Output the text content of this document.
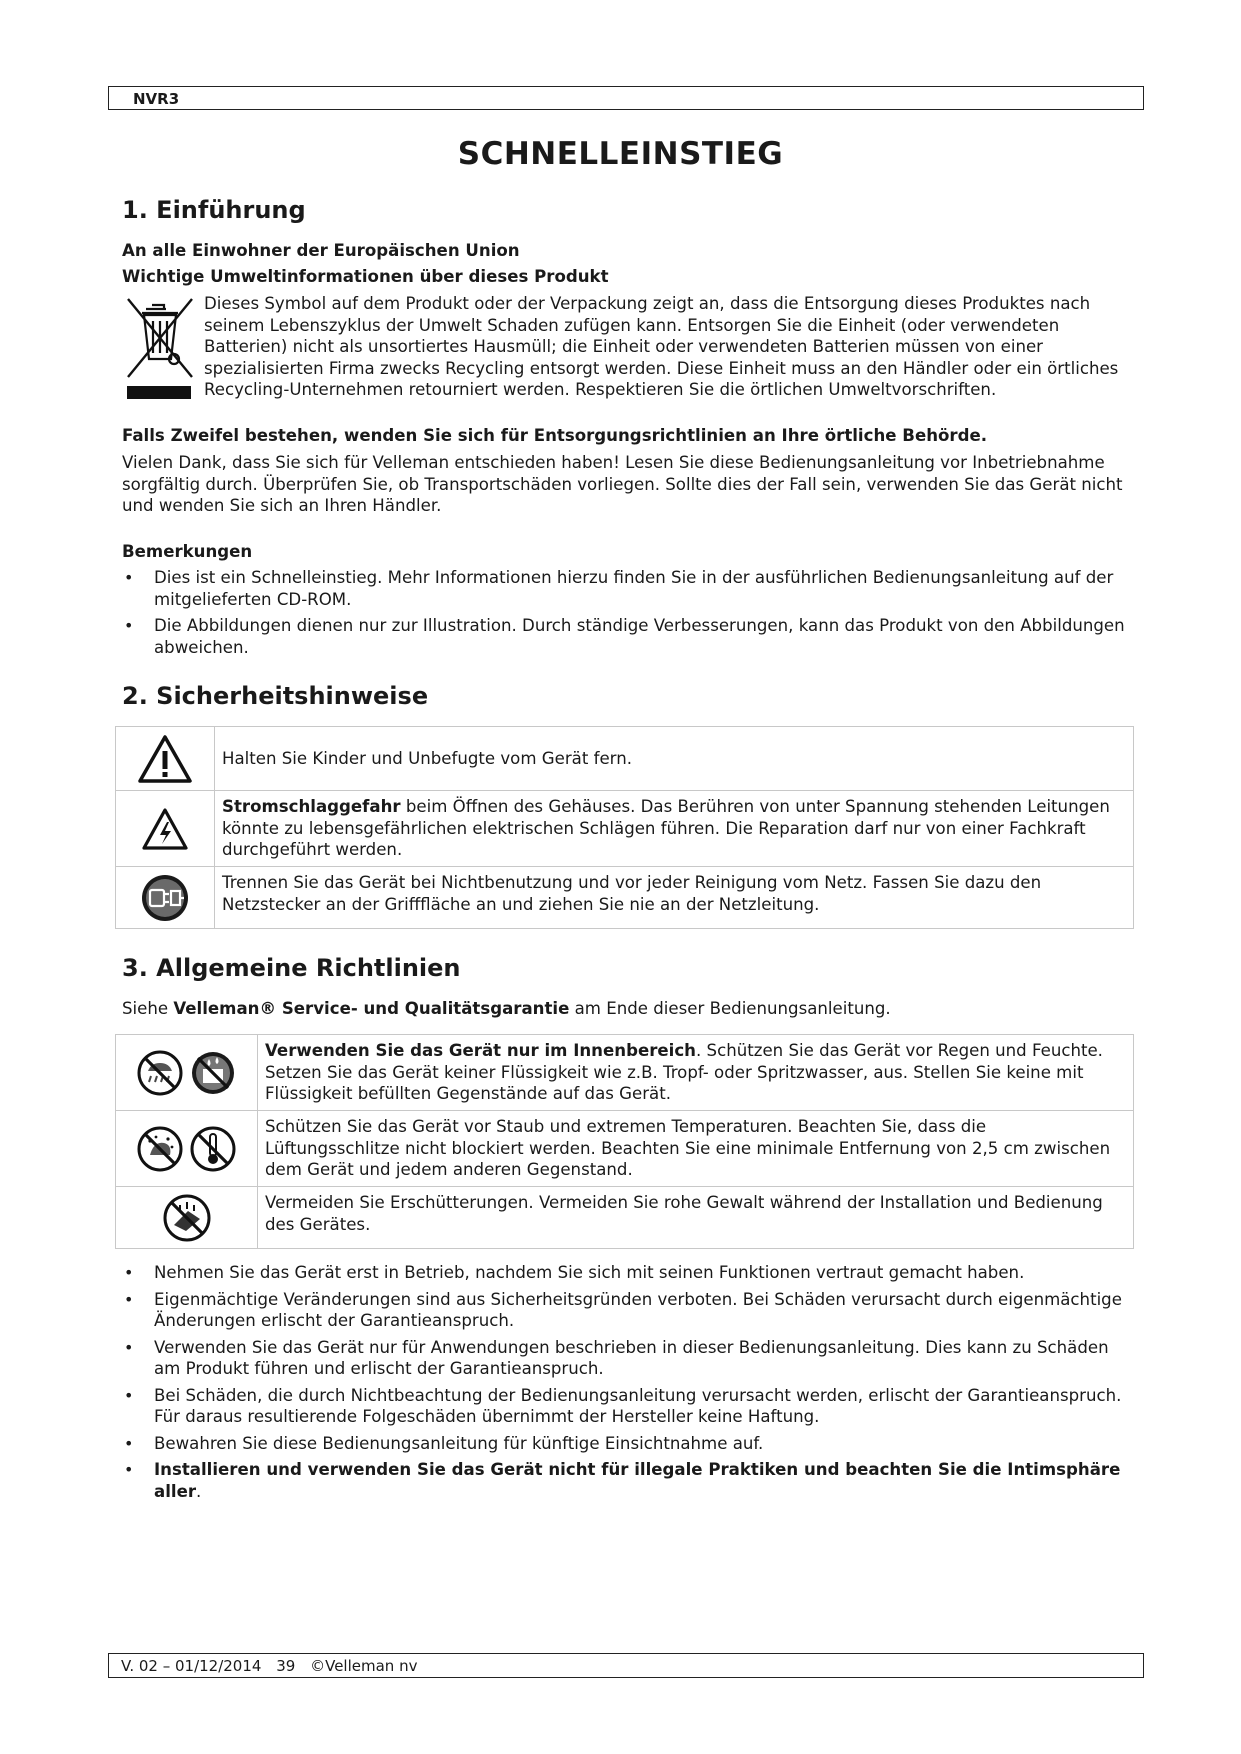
NVR3
SCHNELLEINSTIEG
1. Einführung

An alle Einwohner der Europäischen Union

Wichtige Umweltinformationen über dieses Produkt

Dieses Symbol auf dem Produkt oder der Verpackung zeigt an, dass die Entsorgung dieses Produktes nach seinem Lebenszyklus der Umwelt Schaden zufügen kann. Entsorgen Sie die Einheit (oder verwendeten Batterien) nicht als unsortiertes Hausmüll; die Einheit oder verwendeten Batterien müssen von einer spezialisierten Firma zwecks Recycling entsorgt werden. Diese Einheit muss an den Händler oder ein örtliches Recycling-Unternehmen retourniert werden. Respektieren Sie die örtlichen Umweltvorschriften.

Falls Zweifel bestehen, wenden Sie sich für Entsorgungsrichtlinien an Ihre örtliche Behörde.

Vielen Dank, dass Sie sich für Velleman entschieden haben! Lesen Sie diese Bedienungsanleitung vor Inbetriebnahme sorgfältig durch. Überprüfen Sie, ob Transportschäden vorliegen. Sollte dies der Fall sein, verwenden Sie das Gerät nicht und wenden Sie sich an Ihren Händler.

Bemerkungen

• Dies ist ein Schnelleinstieg. Mehr Informationen hierzu finden Sie in der ausführlichen Bedienungsanleitung auf der mitgelieferten CD-ROM.
• Die Abbildungen dienen nur zur Illustration. Durch ständige Verbesserungen, kann das Produkt von den Abbildungen abweichen.
2. Sicherheitshinweise
	Halten Sie Kinder und Unbefugte vom Gerät fern.
	Stromschlaggefahr beim Öffnen des Gehäuses. Das Berühren von unter Spannung stehenden Leitungen könnte zu lebensgefährlichen elektrischen Schlägen führen. Die Reparation darf nur von einer Fachkraft durchgeführt werden.
	Trennen Sie das Gerät bei Nichtbenutzung und vor jeder Reinigung vom Netz. Fassen Sie dazu den Netzstecker an der Grifffläche an und ziehen Sie nie an der Netzleitung.
3. Allgemeine Richtlinien

Siehe Velleman® Service- und Qualitätsgarantie am Ende dieser Bedienungsanleitung.

	Verwenden Sie das Gerät nur im Innenbereich. Schützen Sie das Gerät vor Regen und Feuchte. Setzen Sie das Gerät keiner Flüssigkeit wie z.B. Tropf- oder Spritzwasser, aus. Stellen Sie keine mit Flüssigkeit befüllten Gegenstände auf das Gerät.
	Schützen Sie das Gerät vor Staub und extremen Temperaturen. Beachten Sie, dass die Lüftungsschlitze nicht blockiert werden. Beachten Sie eine minimale Entfernung von 2,5 cm zwischen dem Gerät und jedem anderen Gegenstand.
	Vermeiden Sie Erschütterungen. Vermeiden Sie rohe Gewalt während der Installation und Bedienung des Gerätes.
• Nehmen Sie das Gerät erst in Betrieb, nachdem Sie sich mit seinen Funktionen vertraut gemacht haben.
• Eigenmächtige Veränderungen sind aus Sicherheitsgründen verboten. Bei Schäden verursacht durch eigenmächtige Änderungen erlischt der Garantieanspruch.
• Verwenden Sie das Gerät nur für Anwendungen beschrieben in dieser Bedienungsanleitung. Dies kann zu Schäden am Produkt führen und erlischt der Garantieanspruch.
• Bei Schäden, die durch Nichtbeachtung der Bedienungsanleitung verursacht werden, erlischt der Garantieanspruch. Für daraus resultierende Folgeschäden übernimmt der Hersteller keine Haftung.
• Bewahren Sie diese Bedienungsanleitung für künftige Einsichtnahme auf.
• Installieren und verwenden Sie das Gerät nicht für illegale Praktiken und beachten Sie die Intimsphäre aller.
V. 02 – 01/12/2014 39 ©Velleman nv
